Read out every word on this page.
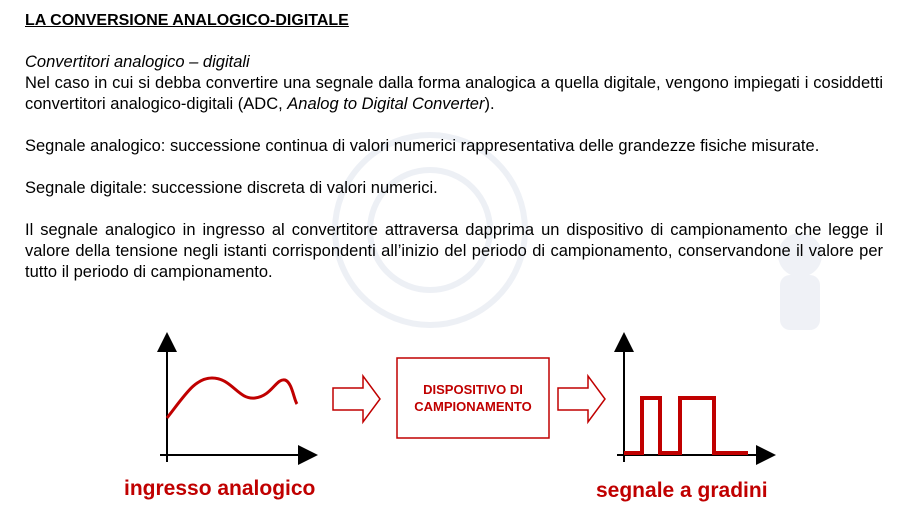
LA CONVERSIONE ANALOGICO-DIGITALE

Convertitori analogico – digitali

Nel caso in cui si debba convertire una segnale dalla forma analogica a quella digitale, vengono impiegati i cosiddetti convertitori analogico-digitali (ADC, Analog to Digital Converter).

Segnale analogico: successione continua di valori numerici rappresentativa delle grandezze fisiche misurate.

Segnale digitale: successione discreta di valori numerici.

Il segnale analogico in ingresso al convertitore attraversa dapprima un dispositivo di campionamento che legge il valore della tensione negli istanti corrispondenti all’inizio del periodo di campionamento, conservandone il valore per tutto il periodo di campionamento.

DISPOSITIVO DI
CAMPIONAMENTO
ingresso analogico	segnale a gradini
